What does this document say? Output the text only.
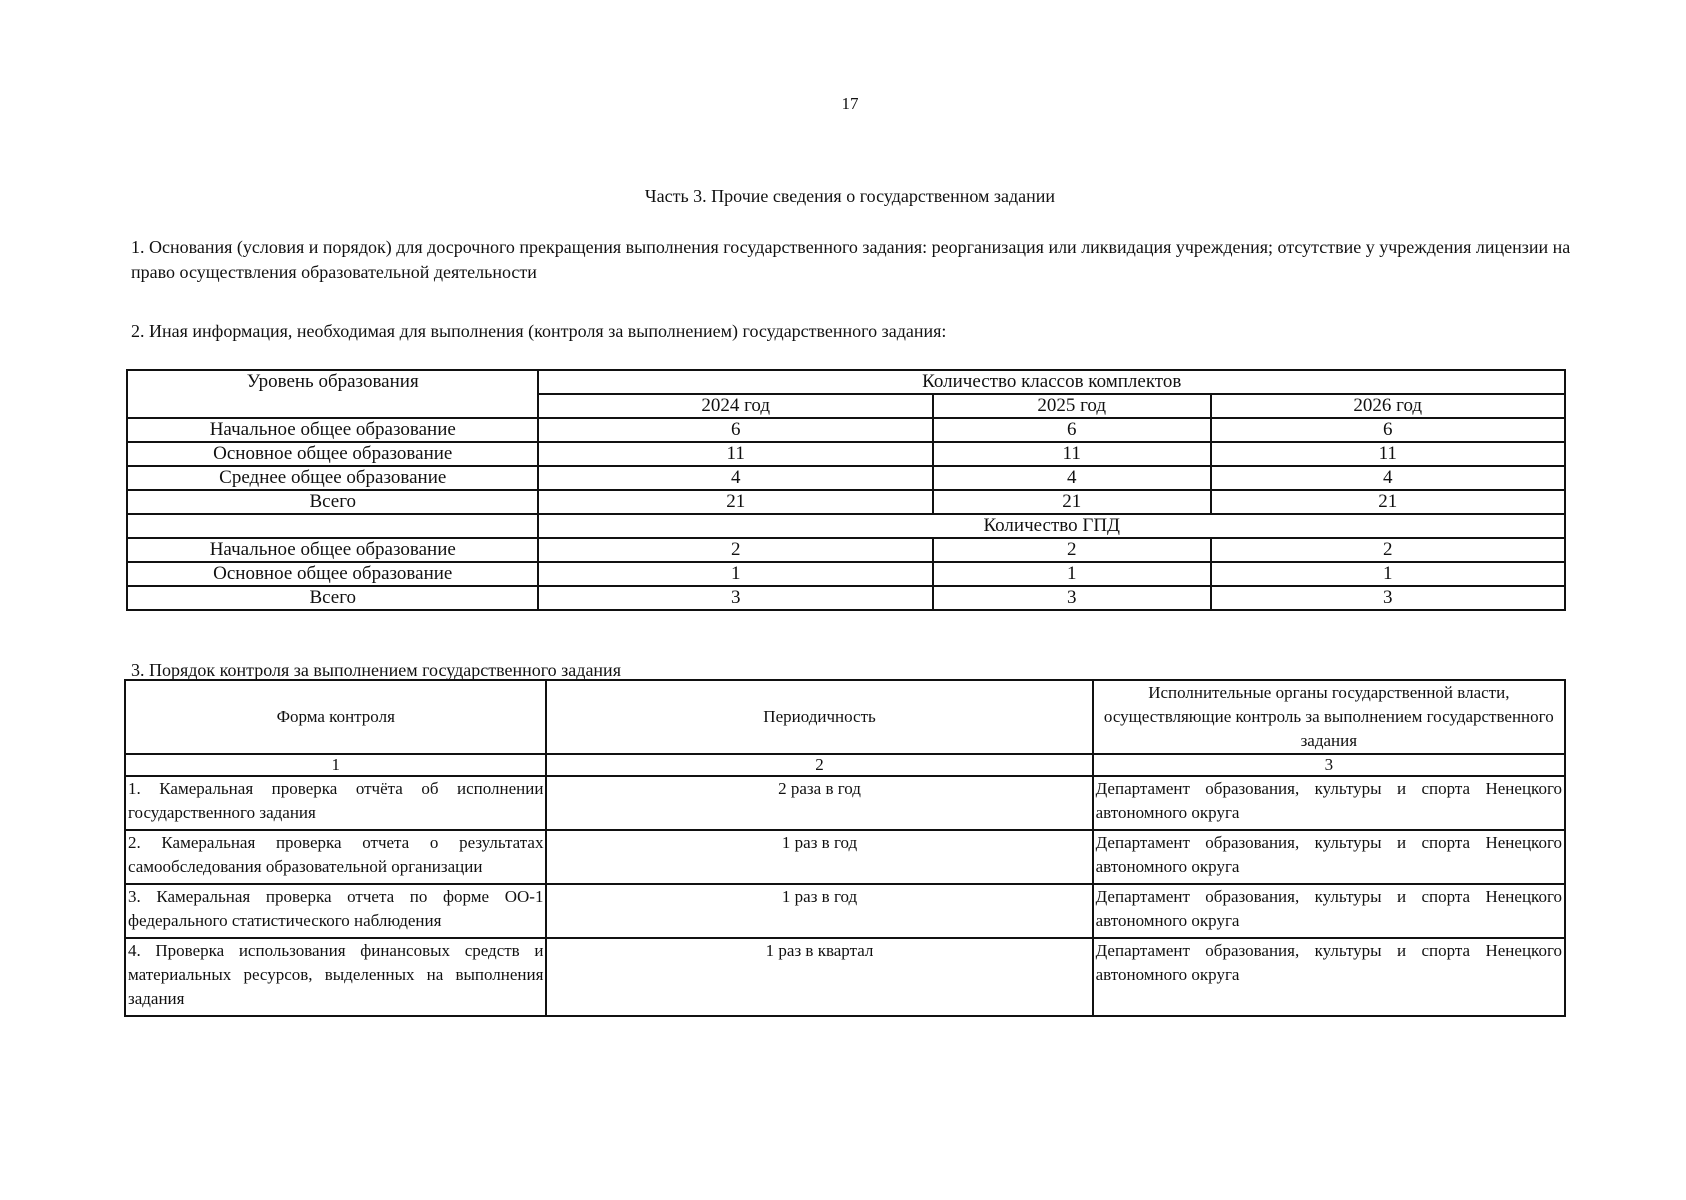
17
Часть 3. Прочие сведения о государственном задании
1. Основания (условия и порядок) для досрочного прекращения выполнения государственного задания: реорганизация или ликвидация учреждения; отсутствие у учреждения лицензии на право осуществления образовательной деятельности
2. Иная информация, необходимая для выполнения (контроля за выполнением) государственного задания:
Уровень образования	Количество классов комплектов		
	2024 год	2025 год	2026 год
Начальное общее образование	6	6	6
Основное общее образование	11	11	11
Среднее общее образование	4	4	4
Всего	21	21	21
	Количество ГПД		
Начальное общее образование	2	2	2
Основное общее образование	1	1	1
Всего	3	3	3
3. Порядок контроля за выполнением государственного задания
Форма контроля	Периодичность	Исполнительные органы государственной власти, осуществляющие контроль за выполнением государственного задания
1	2	3
1. Камеральная проверка отчёта об исполнении государственного задания	2 раза в год	Департамент образования, культуры и спорта Ненецкого автономного округа
2. Камеральная проверка отчета о результатах самообследования образовательной организации	1 раз в год	Департамент образования, культуры и спорта Ненецкого автономного округа
3. Камеральная проверка отчета по форме ОО-1 федерального статистического наблюдения	1 раз в год	Департамент образования, культуры и спорта Ненецкого автономного округа
4. Проверка использования финансовых средств и материальных ресурсов, выделенных на выполнения задания	1 раз в квартал	Департамент образования, культуры и спорта Ненецкого автономного округа
